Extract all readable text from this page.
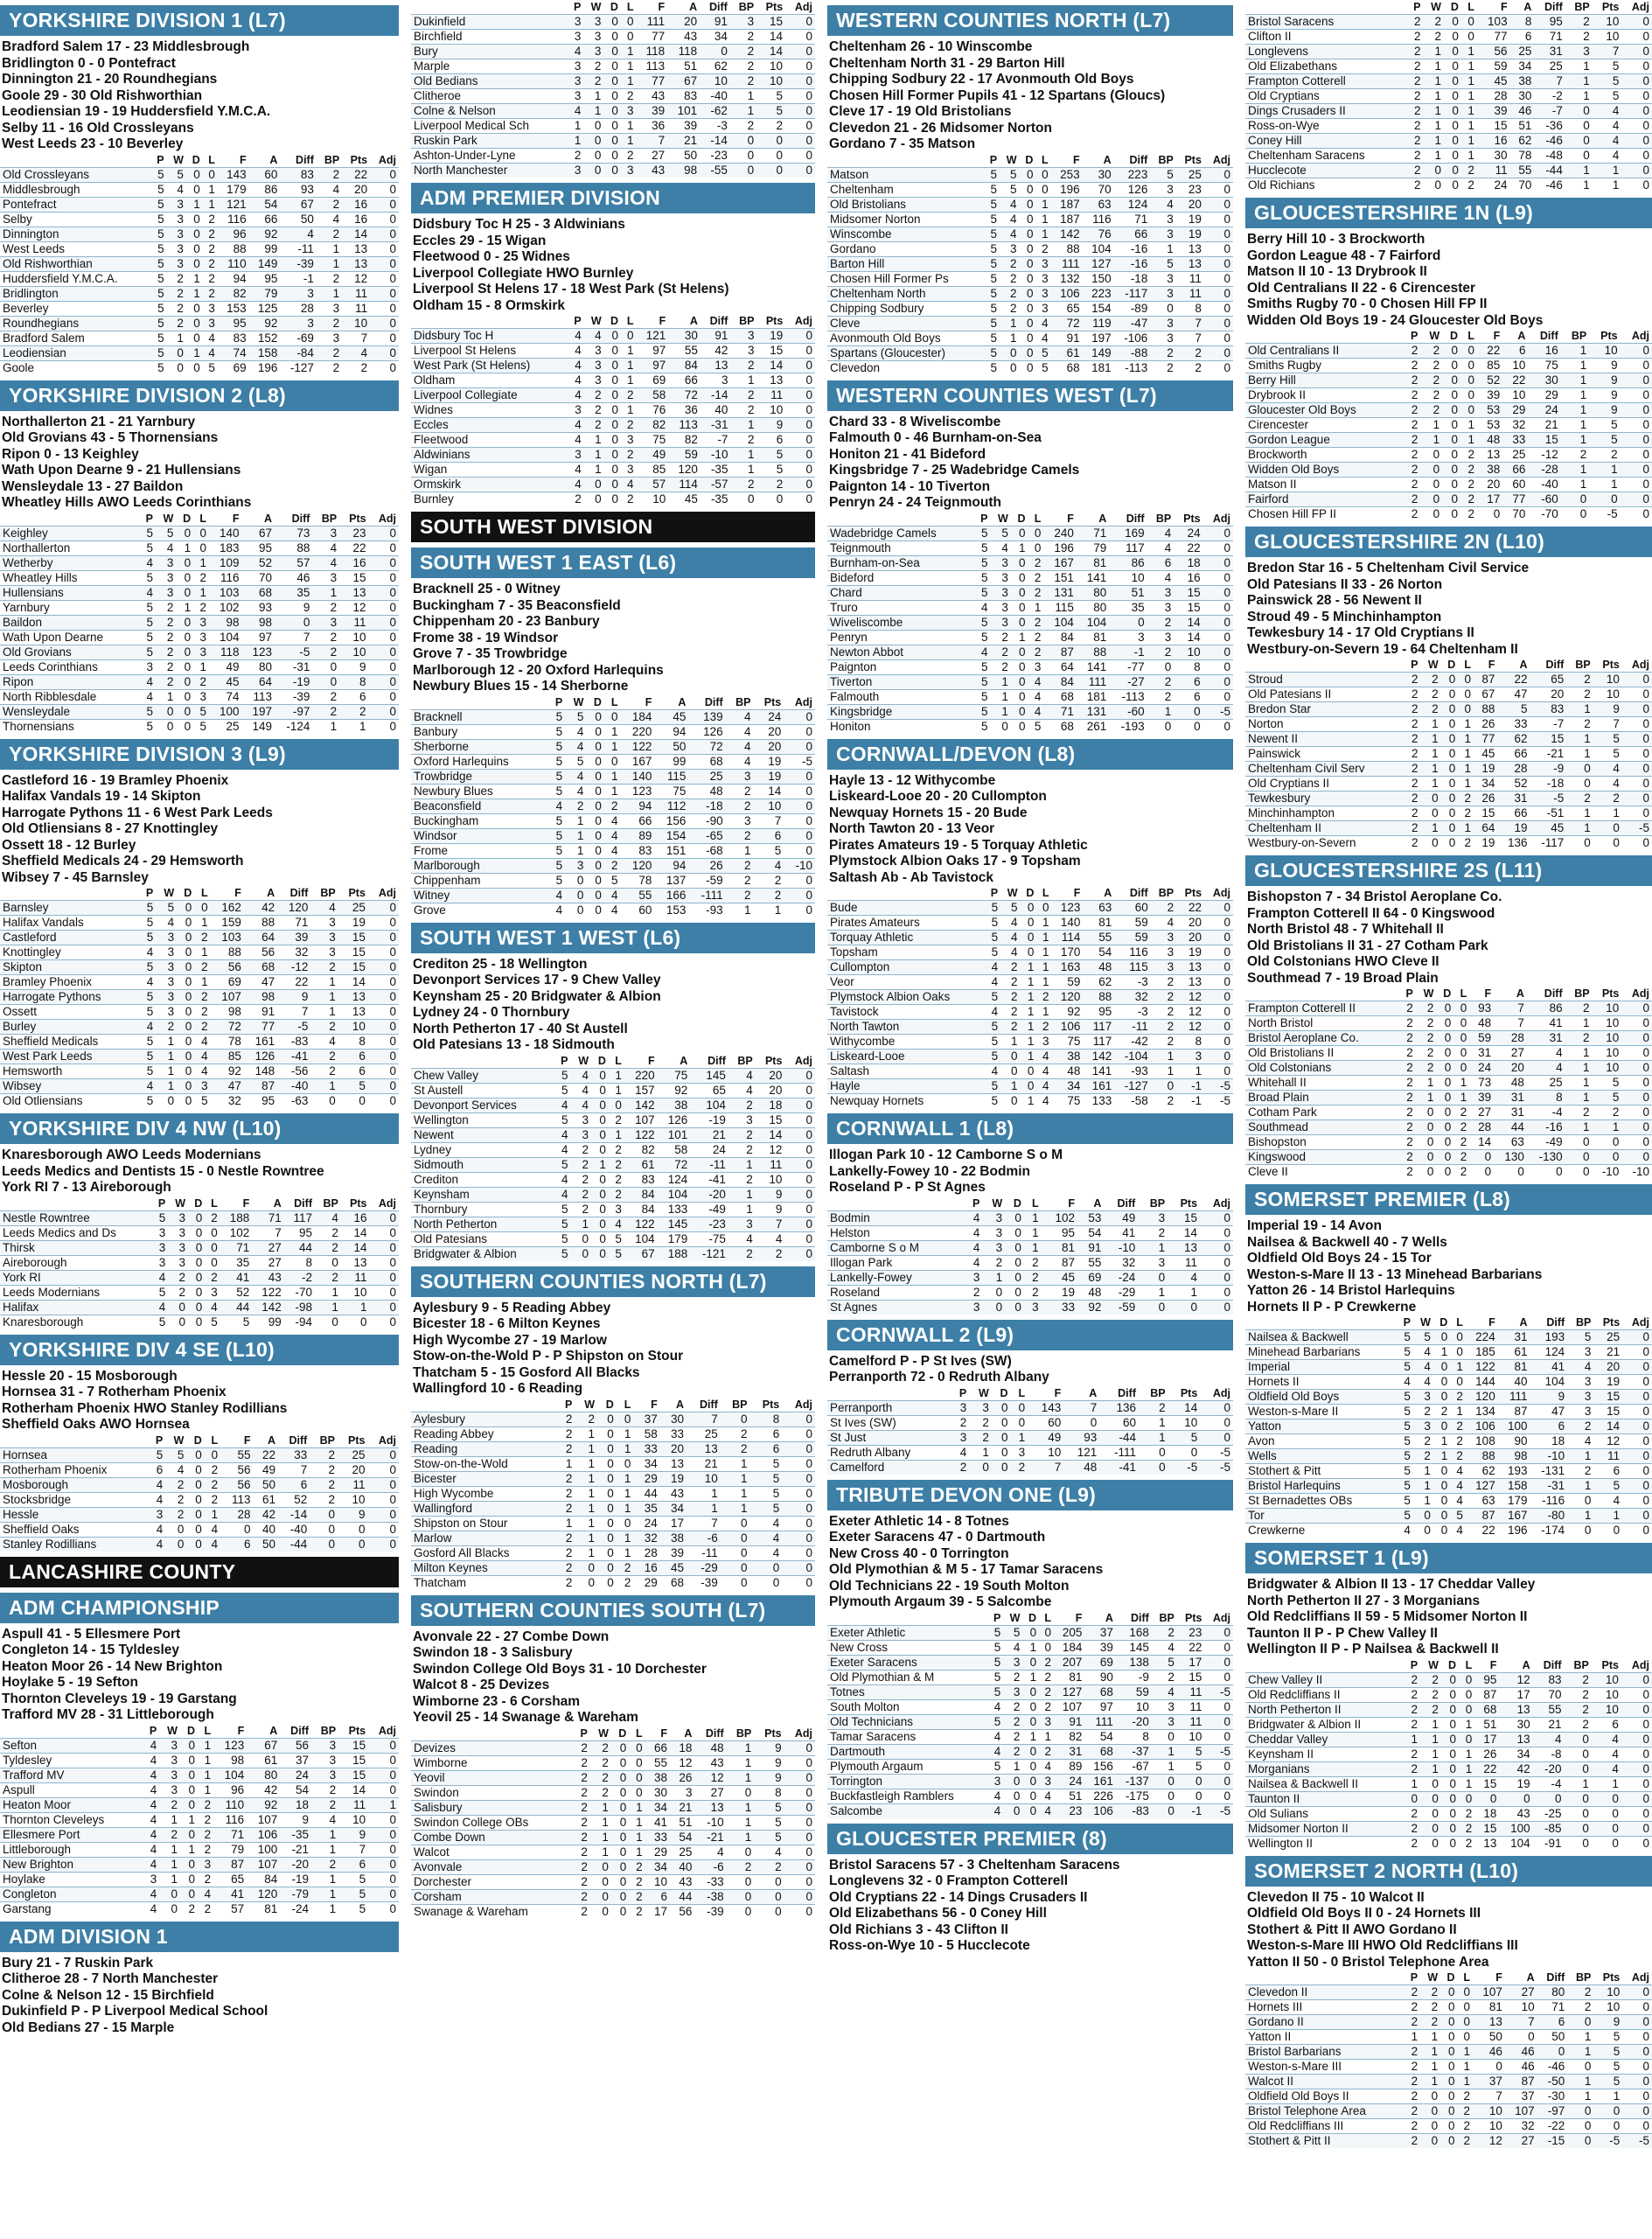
YORKSHIRE DIVISION 1 (L7)
Bradford Salem 17 - 23 Middlesbrough
Bridlington 0 - 0 Pontefract
Dinnington 21 - 20 Roundhegians
Goole 29 - 30 Old Rishworthian
Leodiensian 19 - 19 Huddersfield Y.M.C.A.
Selby 11 - 16 Old Crossleyans
West Leeds 23 - 10 Beverley
	P	W	D	L	F	A	Diff	BP	Pts	Adj
Old Crossleyans	5	5	0	0	143	60	83	2	22	0
Middlesbrough	5	4	0	1	179	86	93	4	20	0
Pontefract	5	3	1	1	121	54	67	2	16	0
Selby	5	3	0	2	116	66	50	4	16	0
Dinnington	5	3	0	2	96	92	4	2	14	0
West Leeds	5	3	0	2	88	99	-11	1	13	0
Old Rishworthian	5	3	0	2	110	149	-39	1	13	0
Huddersfield Y.M.C.A.	5	2	1	2	94	95	-1	2	12	0
Bridlington	5	2	1	2	82	79	3	1	11	0
Beverley	5	2	0	3	153	125	28	3	11	0
Roundhegians	5	2	0	3	95	92	3	2	10	0
Bradford Salem	5	1	0	4	83	152	-69	3	7	0
Leodiensian	5	0	1	4	74	158	-84	2	4	0
Goole	5	0	0	5	69	196	-127	2	2	0
YORKSHIRE DIVISION 2 (L8)
Northallerton 21 - 21 Yarnbury
Old Grovians 43 - 5 Thornensians
Ripon 0 - 13 Keighley
Wath Upon Dearne 9 - 21 Hullensians
Wensleydale 13 - 27 Baildon
Wheatley Hills AWO Leeds Corinthians
	P	W	D	L	F	A	Diff	BP	Pts	Adj
Keighley	5	5	0	0	140	67	73	3	23	0
Northallerton	5	4	1	0	183	95	88	4	22	0
Wetherby	4	3	0	1	109	52	57	4	16	0
Wheatley Hills	5	3	0	2	116	70	46	3	15	0
Hullensians	4	3	0	1	103	68	35	1	13	0
Yarnbury	5	2	1	2	102	93	9	2	12	0
Baildon	5	2	0	3	98	98	0	3	11	0
Wath Upon Dearne	5	2	0	3	104	97	7	2	10	0
Old Grovians	5	2	0	3	118	123	-5	2	10	0
Leeds Corinthians	3	2	0	1	49	80	-31	0	9	0
Ripon	4	2	0	2	45	64	-19	0	8	0
North Ribblesdale	4	1	0	3	74	113	-39	2	6	0
Wensleydale	5	0	0	5	100	197	-97	2	2	0
Thornensians	5	0	0	5	25	149	-124	1	1	0
YORKSHIRE DIVISION 3 (L9)
Castleford 16 - 19 Bramley Phoenix
Halifax Vandals 19 - 14 Skipton
Harrogate Pythons 11 - 6 West Park Leeds
Old Otliensians 8 - 27 Knottingley
Ossett 18 - 12 Burley
Sheffield Medicals 24 - 29 Hemsworth
Wibsey 7 - 45 Barnsley
	P	W	D	L	F	A	Diff	BP	Pts	Adj
Barnsley	5	5	0	0	162	42	120	4	25	0
Halifax Vandals	5	4	0	1	159	88	71	3	19	0
Castleford	5	3	0	2	103	64	39	3	15	0
Knottingley	4	3	0	1	88	56	32	3	15	0
Skipton	5	3	0	2	56	68	-12	2	15	0
Bramley Phoenix	4	3	0	1	69	47	22	1	14	0
Harrogate Pythons	5	3	0	2	107	98	9	1	13	0
Ossett	5	3	0	2	98	91	7	1	13	0
Burley	4	2	0	2	72	77	-5	2	10	0
Sheffield Medicals	5	1	0	4	78	161	-83	4	8	0
West Park Leeds	5	1	0	4	85	126	-41	2	6	0
Hemsworth	5	1	0	4	92	148	-56	2	6	0
Wibsey	4	1	0	3	47	87	-40	1	5	0
Old Otliensians	5	0	0	5	32	95	-63	0	0	0
YORKSHIRE DIV 4 NW (L10)
Knaresborough AWO Leeds Modernians
Leeds Medics and Dentists 15 - 0 Nestle Rowntree
York RI 7 - 13 Aireborough
	P	W	D	L	F	A	Diff	BP	Pts	Adj
Nestle Rowntree	5	3	0	2	188	71	117	4	16	0
Leeds Medics and Ds	3	3	0	0	102	7	95	2	14	0
Thirsk	3	3	0	0	71	27	44	2	14	0
Aireborough	3	3	0	0	35	27	8	0	13	0
York RI	4	2	0	2	41	43	-2	2	11	0
Leeds Modernians	5	2	0	3	52	122	-70	1	10	0
Halifax	4	0	0	4	44	142	-98	1	1	0
Knaresborough	5	0	0	5	5	99	-94	0	0	0
YORKSHIRE DIV 4 SE (L10)
Hessle 20 - 15 Mosborough
Hornsea 31 - 7 Rotherham Phoenix
Rotherham Phoenix HWO Stanley Rodillians
Sheffield Oaks AWO Hornsea
	P	W	D	L	F	A	Diff	BP	Pts	Adj
Hornsea	5	5	0	0	55	22	33	2	25	0
Rotherham Phoenix	6	4	0	2	56	49	7	2	20	0
Mosborough	4	2	0	2	56	50	6	2	11	0
Stocksbridge	4	2	0	2	113	61	52	2	10	0
Hessle	3	2	0	1	28	42	-14	0	9	0
Sheffield Oaks	4	0	0	4	0	40	-40	0	0	0
Stanley Rodillians	4	0	0	4	6	50	-44	0	0	0
LANCASHIRE COUNTY
ADM CHAMPIONSHIP
Aspull 41 - 5 Ellesmere Port
Congleton 14 - 15 Tyldesley
Heaton Moor 26 - 14 New Brighton
Hoylake 5 - 19 Sefton
Thornton Cleveleys 19 - 19 Garstang
Trafford MV 28 - 31 Littleborough
	P	W	D	L	F	A	Diff	BP	Pts	Adj
Sefton	4	3	0	1	123	67	56	3	15	0
Tyldesley	4	3	0	1	98	61	37	3	15	0
Trafford MV	4	3	0	1	104	80	24	3	15	0
Aspull	4	3	0	1	96	42	54	2	14	0
Heaton Moor	4	2	0	2	110	92	18	2	11	1
Thornton Cleveleys	4	1	1	2	116	107	9	4	10	0
Ellesmere Port	4	2	0	2	71	106	-35	1	9	0
Littleborough	4	1	1	2	79	100	-21	1	7	0
New Brighton	4	1	0	3	87	107	-20	2	6	0
Hoylake	3	1	0	2	65	84	-19	1	5	0
Congleton	4	0	0	4	41	120	-79	1	5	0
Garstang	4	0	2	2	57	81	-24	1	5	0
ADM DIVISION 1
Bury 21 - 7 Ruskin Park
Clitheroe 28 - 7 North Manchester
Colne & Nelson 12 - 15 Birchfield
Dukinfield P - P Liverpool Medical School
Old Bedians 27 - 15 Marple
	P	W	D	L	F	A	Diff	BP	Pts	Adj
Dukinfield	3	3	0	0	111	20	91	3	15	0
Birchfield	3	3	0	0	77	43	34	2	14	0
Bury	4	3	0	1	118	118	0	2	14	0
Marple	3	2	0	1	113	51	62	2	10	0
Old Bedians	3	2	0	1	77	67	10	2	10	0
Clitheroe	3	1	0	2	43	83	-40	1	5	0
Colne & Nelson	4	1	0	3	39	101	-62	1	5	0
Liverpool Medical Sch	1	0	0	1	36	39	-3	2	2	0
Ruskin Park	1	0	0	1	7	21	-14	0	0	0
Ashton-Under-Lyne	2	0	0	2	27	50	-23	0	0	0
North Manchester	3	0	0	3	43	98	-55	0	0	0
ADM PREMIER DIVISION
Didsbury Toc H 25 - 3 Aldwinians
Eccles 29 - 15 Wigan
Fleetwood 0 - 25 Widnes
Liverpool Collegiate HWO Burnley
Liverpool St Helens 17 - 18 West Park (St Helens)
Oldham 15 - 8 Ormskirk
	P	W	D	L	F	A	Diff	BP	Pts	Adj
Didsbury Toc H	4	4	0	0	121	30	91	3	19	0
Liverpool St Helens	4	3	0	1	97	55	42	3	15	0
West Park (St Helens)	4	3	0	1	97	84	13	2	14	0
Oldham	4	3	0	1	69	66	3	1	13	0
Liverpool Collegiate	4	2	0	2	58	72	-14	2	11	0
Widnes	3	2	0	1	76	36	40	2	10	0
Eccles	4	2	0	2	82	113	-31	1	9	0
Fleetwood	4	1	0	3	75	82	-7	2	6	0
Aldwinians	3	1	0	2	49	59	-10	1	5	0
Wigan	4	1	0	3	85	120	-35	1	5	0
Ormskirk	4	0	0	4	57	114	-57	2	2	0
Burnley	2	0	0	2	10	45	-35	0	0	0
SOUTH WEST DIVISION
SOUTH WEST 1 EAST (L6)
Bracknell 25 - 0 Witney
Buckingham 7 - 35 Beaconsfield
Chippenham 20 - 23 Banbury
Frome 38 - 19 Windsor
Grove 7 - 35 Trowbridge
Marlborough 12 - 20 Oxford Harlequins
Newbury Blues 15 - 14 Sherborne
	P	W	D	L	F	A	Diff	BP	Pts	Adj
Bracknell	5	5	0	0	184	45	139	4	24	0
Banbury	5	4	0	1	220	94	126	4	20	0
Sherborne	5	4	0	1	122	50	72	4	20	0
Oxford Harlequins	5	5	0	0	167	99	68	4	19	-5
Trowbridge	5	4	0	1	140	115	25	3	19	0
Newbury Blues	5	4	0	1	123	75	48	2	14	0
Beaconsfield	4	2	0	2	94	112	-18	2	10	0
Buckingham	5	1	0	4	66	156	-90	3	7	0
Windsor	5	1	0	4	89	154	-65	2	6	0
Frome	5	1	0	4	83	151	-68	1	5	0
Marlborough	5	3	0	2	120	94	26	2	4	-10
Chippenham	5	0	0	5	78	137	-59	2	2	0
Witney	4	0	0	4	55	166	-111	2	2	0
Grove	4	0	0	4	60	153	-93	1	1	0
SOUTH WEST 1 WEST (L6)
Crediton 25 - 18 Wellington
Devonport Services 17 - 9 Chew Valley
Keynsham 25 - 20 Bridgwater & Albion
Lydney 24 - 0 Thornbury
North Petherton 17 - 40 St Austell
Old Patesians 13 - 18 Sidmouth
	P	W	D	L	F	A	Diff	BP	Pts	Adj
Chew Valley	5	4	0	1	220	75	145	4	20	0
St Austell	5	4	0	1	157	92	65	4	20	0
Devonport Services	4	4	0	0	142	38	104	2	18	0
Wellington	5	3	0	2	107	126	-19	3	15	0
Newent	4	3	0	1	122	101	21	2	14	0
Lydney	4	2	0	2	82	58	24	2	12	0
Sidmouth	5	2	1	2	61	72	-11	1	11	0
Crediton	4	2	0	2	83	124	-41	2	10	0
Keynsham	4	2	0	2	84	104	-20	1	9	0
Thornbury	5	2	0	3	84	133	-49	1	9	0
North Petherton	5	1	0	4	122	145	-23	3	7	0
Old Patesians	5	0	0	5	104	179	-75	4	4	0
Bridgwater & Albion	5	0	0	5	67	188	-121	2	2	0
SOUTHERN COUNTIES NORTH (L7)
Aylesbury 9 - 5 Reading Abbey
Bicester 18 - 6 Milton Keynes
High Wycombe 27 - 19 Marlow
Stow-on-the-Wold P - P Shipston on Stour
Thatcham 5 - 15 Gosford All Blacks
Wallingford 10 - 6 Reading
	P	W	D	L	F	A	Diff	BP	Pts	Adj
Aylesbury	2	2	0	0	37	30	7	0	8	0
Reading Abbey	2	1	0	1	58	33	25	2	6	0
Reading	2	1	0	1	33	20	13	2	6	0
Stow-on-the-Wold	1	1	0	0	34	13	21	1	5	0
Bicester	2	1	0	1	29	19	10	1	5	0
High Wycombe	2	1	0	1	44	43	1	1	5	0
Wallingford	2	1	0	1	35	34	1	1	5	0
Shipston on Stour	1	1	0	0	24	17	7	0	4	0
Marlow	2	1	0	1	32	38	-6	0	4	0
Gosford All Blacks	2	1	0	1	28	39	-11	0	4	0
Milton Keynes	2	0	0	2	16	45	-29	0	0	0
Thatcham	2	0	0	2	29	68	-39	0	0	0
SOUTHERN COUNTIES SOUTH (L7)
Avonvale 22 - 27 Combe Down
Swindon 18 - 3 Salisbury
Swindon College Old Boys 31 - 10 Dorchester
Walcot 8 - 25 Devizes
Wimborne 23 - 6 Corsham
Yeovil 25 - 14 Swanage & Wareham
	P	W	D	L	F	A	Diff	BP	Pts	Adj
Devizes	2	2	0	0	66	18	48	1	9	0
Wimborne	2	2	0	0	55	12	43	1	9	0
Yeovil	2	2	0	0	38	26	12	1	9	0
Swindon	2	2	0	0	30	3	27	0	8	0
Salisbury	2	1	0	1	34	21	13	1	5	0
Swindon College OBs	2	1	0	1	41	51	-10	1	5	0
Combe Down	2	1	0	1	33	54	-21	1	5	0
Walcot	2	1	0	1	29	25	4	0	4	0
Avonvale	2	0	0	2	34	40	-6	2	2	0
Dorchester	2	0	0	2	10	43	-33	0	0	0
Corsham	2	0	0	2	6	44	-38	0	0	0
Swanage & Wareham	2	0	0	2	17	56	-39	0	0	0
WESTERN COUNTIES NORTH (L7)
Cheltenham 26 - 10 Winscombe
Cheltenham North 31 - 29 Barton Hill
Chipping Sodbury 22 - 17 Avonmouth Old Boys
Chosen Hill Former Pupils 41 - 12 Spartans (Gloucs)
Cleve 17 - 19 Old Bristolians
Clevedon 21 - 26 Midsomer Norton
Gordano 7 - 35 Matson
	P	W	D	L	F	A	Diff	BP	Pts	Adj
Matson	5	5	0	0	253	30	223	5	25	0
Cheltenham	5	5	0	0	196	70	126	3	23	0
Old Bristolians	5	4	0	1	187	63	124	4	20	0
Midsomer Norton	5	4	0	1	187	116	71	3	19	0
Winscombe	5	4	0	1	142	76	66	3	19	0
Gordano	5	3	0	2	88	104	-16	1	13	0
Barton Hill	5	2	0	3	111	127	-16	5	13	0
Chosen Hill Former Ps	5	2	0	3	132	150	-18	3	11	0
Cheltenham North	5	2	0	3	106	223	-117	3	11	0
Chipping Sodbury	5	2	0	3	65	154	-89	0	8	0
Cleve	5	1	0	4	72	119	-47	3	7	0
Avonmouth Old Boys	5	1	0	4	91	197	-106	3	7	0
Spartans (Gloucester)	5	0	0	5	61	149	-88	2	2	0
Clevedon	5	0	0	5	68	181	-113	2	2	0
WESTERN COUNTIES WEST (L7)
Chard 33 - 8 Wiveliscombe
Falmouth 0 - 46 Burnham-on-Sea
Honiton 21 - 41 Bideford
Kingsbridge 7 - 25 Wadebridge Camels
Paignton 14 - 10 Tiverton
Penryn 24 - 24 Teignmouth
	P	W	D	L	F	A	Diff	BP	Pts	Adj
Wadebridge Camels	5	5	0	0	240	71	169	4	24	0
Teignmouth	5	4	1	0	196	79	117	4	22	0
Burnham-on-Sea	5	3	0	2	167	81	86	6	18	0
Bideford	5	3	0	2	151	141	10	4	16	0
Chard	5	3	0	2	131	80	51	3	15	0
Truro	4	3	0	1	115	80	35	3	15	0
Wiveliscombe	5	3	0	2	104	104	0	2	14	0
Penryn	5	2	1	2	84	81	3	3	14	0
Newton Abbot	4	2	0	2	87	88	-1	2	10	0
Paignton	5	2	0	3	64	141	-77	0	8	0
Tiverton	5	1	0	4	84	111	-27	2	6	0
Falmouth	5	1	0	4	68	181	-113	2	6	0
Kingsbridge	5	1	0	4	71	131	-60	1	0	-5
Honiton	5	0	0	5	68	261	-193	0	0	0
CORNWALL/DEVON (L8)
Hayle 13 - 12 Withycombe
Liskeard-Looe 20 - 20 Cullompton
Newquay Hornets 15 - 20 Bude
North Tawton 20 - 13 Veor
Pirates Amateurs 19 - 5 Torquay Athletic
Plymstock Albion Oaks 17 - 9 Topsham
Saltash Ab - Ab Tavistock
	P	W	D	L	F	A	Diff	BP	Pts	Adj
Bude	5	5	0	0	123	63	60	2	22	0
Pirates Amateurs	5	4	0	1	140	81	59	4	20	0
Torquay Athletic	5	4	0	1	114	55	59	3	20	0
Topsham	5	4	0	1	170	54	116	3	19	0
Cullompton	4	2	1	1	163	48	115	3	13	0
Veor	4	2	1	1	59	62	-3	2	13	0
Plymstock Albion Oaks	5	2	1	2	120	88	32	2	12	0
Tavistock	4	2	1	1	92	95	-3	2	12	0
North Tawton	5	2	1	2	106	117	-11	2	12	0
Withycombe	5	1	1	3	75	117	-42	2	8	0
Liskeard-Looe	5	0	1	4	38	142	-104	1	3	0
Saltash	4	0	0	4	48	141	-93	1	1	0
Hayle	5	1	0	4	34	161	-127	0	-1	-5
Newquay Hornets	5	0	1	4	75	133	-58	2	-1	-5
CORNWALL 1 (L8)
Illogan Park 10 - 12 Camborne S o M
Lankelly-Fowey 10 - 22 Bodmin
Roseland P - P St Agnes
	P	W	D	L	F	A	Diff	BP	Pts	Adj
Bodmin	4	3	0	1	102	53	49	3	15	0
Helston	4	3	0	1	95	54	41	2	14	0
Camborne S o M	4	3	0	1	81	91	-10	1	13	0
Illogan Park	4	2	0	2	87	55	32	3	11	0
Lankelly-Fowey	3	1	0	2	45	69	-24	0	4	0
Roseland	2	0	0	2	19	48	-29	1	1	0
St Agnes	3	0	0	3	33	92	-59	0	0	0
CORNWALL 2 (L9)
Camelford P - P St Ives (SW)
Perranporth 72 - 0 Redruth Albany
	P	W	D	L	F	A	Diff	BP	Pts	Adj
Perranporth	3	3	0	0	143	7	136	2	14	0
St Ives (SW)	2	2	0	0	60	0	60	1	10	0
St Just	3	2	0	1	49	93	-44	1	5	0
Redruth Albany	4	1	0	3	10	121	-111	0	0	-5
Camelford	2	0	0	2	7	48	-41	0	-5	-5
TRIBUTE DEVON ONE (L9)
Exeter Athletic 14 - 8 Totnes
Exeter Saracens 47 - 0 Dartmouth
New Cross 40 - 0 Torrington
Old Plymothian & M 5 - 17 Tamar Saracens
Old Technicians 22 - 19 South Molton
Plymouth Argaum 39 - 5 Salcombe
	P	W	D	L	F	A	Diff	BP	Pts	Adj
Exeter Athletic	5	5	0	0	205	37	168	2	23	0
New Cross	5	4	1	0	184	39	145	4	22	0
Exeter Saracens	5	3	0	2	207	69	138	5	17	0
Old Plymothian & M	5	2	1	2	81	90	-9	2	15	0
Totnes	5	3	0	2	127	68	59	4	11	-5
South Molton	4	2	0	2	107	97	10	3	11	0
Old Technicians	5	2	0	3	91	111	-20	3	11	0
Tamar Saracens	4	2	1	1	82	54	8	0	10	0
Dartmouth	4	2	0	2	31	68	-37	1	5	-5
Plymouth Argaum	5	1	0	4	89	156	-67	1	5	0
Torrington	3	0	0	3	24	161	-137	0	0	0
Buckfastleigh Ramblers	4	0	0	4	51	226	-175	0	0	0
Salcombe	4	0	0	4	23	106	-83	0	-1	-5
GLOUCESTER PREMIER (8)
Bristol Saracens 57 - 3 Cheltenham Saracens
Longlevens 32 - 0 Frampton Cotterell
Old Cryptians 22 - 14 Dings Crusaders II
Old Elizabethans 56 - 0 Coney Hill
Old Richians 3 - 43 Clifton II
Ross-on-Wye 10 - 5 Hucclecote
	P	W	D	L	F	A	Diff	BP	Pts	Adj
Bristol Saracens	2	2	0	0	103	8	95	2	10	0
Clifton II	2	2	0	0	77	6	71	2	10	0
Longlevens	2	1	0	1	56	25	31	3	7	0
Old Elizabethans	2	1	0	1	59	34	25	1	5	0
Frampton Cotterell	2	1	0	1	45	38	7	1	5	0
Old Cryptians	2	1	0	1	28	30	-2	1	5	0
Dings Crusaders II	2	1	0	1	39	46	-7	0	4	0
Ross-on-Wye	2	1	0	1	15	51	-36	0	4	0
Coney Hill	2	1	0	1	16	62	-46	0	4	0
Cheltenham Saracens	2	1	0	1	30	78	-48	0	4	0
Hucclecote	2	0	0	2	11	55	-44	1	1	0
Old Richians	2	0	0	2	24	70	-46	1	1	0
GLOUCESTERSHIRE 1N (L9)
Berry Hill 10 - 3 Brockworth
Gordon League 48 - 7 Fairford
Matson II 10 - 13 Drybrook II
Old Centralians II 22 - 6 Cirencester
Smiths Rugby 70 - 0 Chosen Hill FP II
Widden Old Boys 19 - 24 Gloucester Old Boys
	P	W	D	L	F	A	Diff	BP	Pts	Adj
Old Centralians II	2	2	0	0	22	6	16	1	10	0
Smiths Rugby	2	2	0	0	85	10	75	1	9	0
Berry Hill	2	2	0	0	52	22	30	1	9	0
Drybrook II	2	2	0	0	39	10	29	1	9	0
Gloucester Old Boys	2	2	0	0	53	29	24	1	9	0
Cirencester	2	1	0	1	53	32	21	1	5	0
Gordon League	2	1	0	1	48	33	15	1	5	0
Brockworth	2	0	0	2	13	25	-12	2	2	0
Widden Old Boys	2	0	0	2	38	66	-28	1	1	0
Matson II	2	0	0	2	20	60	-40	1	1	0
Fairford	2	0	0	2	17	77	-60	0	0	0
Chosen Hill FP II	2	0	0	2	0	70	-70	0	-5	0
GLOUCESTERSHIRE 2N (L10)
Bredon Star 16 - 5 Cheltenham Civil Service
Old Patesians II 33 - 26 Norton
Painswick 28 - 56 Newent II
Stroud 49 - 5 Minchinhampton
Tewkesbury 14 - 17 Old Cryptians II
Westbury-on-Severn 19 - 64 Cheltenham II
	P	W	D	L	F	A	Diff	BP	Pts	Adj
Stroud	2	2	0	0	87	22	65	2	10	0
Old Patesians II	2	2	0	0	67	47	20	2	10	0
Bredon Star	2	2	0	0	88	5	83	1	9	0
Norton	2	1	0	1	26	33	-7	2	7	0
Newent II	2	1	0	1	77	62	15	1	5	0
Painswick	2	1	0	1	45	66	-21	1	5	0
Cheltenham Civil Serv	2	1	0	1	19	28	-9	0	4	0
Old Cryptians II	2	1	0	1	34	52	-18	0	4	0
Tewkesbury	2	0	0	2	26	31	-5	2	2	0
Minchinhampton	2	0	0	2	15	66	-51	1	1	0
Cheltenham II	2	1	0	1	64	19	45	1	0	-5
Westbury-on-Severn	2	0	0	2	19	136	-117	0	0	0
GLOUCESTERSHIRE 2S (L11)
Bishopston 7 - 34 Bristol Aeroplane Co.
Frampton Cotterell II 64 - 0 Kingswood
North Bristol 48 - 7 Whitehall II
Old Bristolians II 31 - 27 Cotham Park
Old Colstonians HWO Cleve II
Southmead 7 - 19 Broad Plain
	P	W	D	L	F	A	Diff	BP	Pts	Adj
Frampton Cotterell II	2	2	0	0	93	7	86	2	10	0
North Bristol	2	2	0	0	48	7	41	1	10	0
Bristol Aeroplane Co.	2	2	0	0	59	28	31	2	10	0
Old Bristolians II	2	2	0	0	31	27	4	1	10	0
Old Colstonians	2	2	0	0	24	20	4	1	10	0
Whitehall II	2	1	0	1	73	48	25	1	5	0
Broad Plain	2	1	0	1	39	31	8	1	5	0
Cotham Park	2	0	0	2	27	31	-4	2	2	0
Southmead	2	0	0	2	28	44	-16	1	1	0
Bishopston	2	0	0	2	14	63	-49	0	0	0
Kingswood	2	0	0	2	0	130	-130	0	0	0
Cleve II	2	0	0	2	0	0	0	0	-10	-10
SOMERSET PREMIER (L8)
Imperial 19 - 14 Avon
Nailsea & Backwell 40 - 7 Wells
Oldfield Old Boys 24 - 15 Tor
Weston-s-Mare II 13 - 13 Minehead Barbarians
Yatton 26 - 14 Bristol Harlequins
Hornets II P - P Crewkerne
	P	W	D	L	F	A	Diff	BP	Pts	Adj
Nailsea & Backwell	5	5	0	0	224	31	193	5	25	0
Minehead Barbarians	5	4	1	0	185	61	124	3	21	0
Imperial	5	4	0	1	122	81	41	4	20	0
Hornets II	4	4	0	0	144	40	104	3	19	0
Oldfield Old Boys	5	3	0	2	120	111	9	3	15	0
Weston-s-Mare II	5	2	2	1	134	87	47	3	15	0
Yatton	5	3	0	2	106	100	6	2	14	0
Avon	5	2	1	2	108	90	18	4	12	0
Wells	5	2	1	2	88	98	-10	1	11	0
Stothert & Pitt	5	1	0	4	62	193	-131	2	6	0
Bristol Harlequins	5	1	0	4	127	158	-31	1	5	0
St Bernadettes OBs	5	1	0	4	63	179	-116	0	4	0
Tor	5	0	0	5	87	167	-80	1	1	0
Crewkerne	4	0	0	4	22	196	-174	0	0	0
SOMERSET 1 (L9)
Bridgwater & Albion II 13 - 17 Cheddar Valley
North Petherton II 27 - 3 Morganians
Old Redcliffians II 59 - 5 Midsomer Norton II
Taunton II P - P Chew Valley II
Wellington II P - P Nailsea & Backwell II
	P	W	D	L	F	A	Diff	BP	Pts	Adj
Chew Valley II	2	2	0	0	95	12	83	2	10	0
Old Redcliffians II	2	2	0	0	87	17	70	2	10	0
North Petherton II	2	2	0	0	68	13	55	2	10	0
Bridgwater & Albion II	2	1	0	1	51	30	21	2	6	0
Cheddar Valley	1	1	0	0	17	13	4	0	4	0
Keynsham II	2	1	0	1	26	34	-8	0	4	0
Morganians	2	1	0	1	22	42	-20	0	4	0
Nailsea & Backwell II	1	0	0	1	15	19	-4	1	1	0
Taunton II	0	0	0	0	0	0	0	0	0	0
Old Sulians	2	0	0	2	18	43	-25	0	0	0
Midsomer Norton II	2	0	0	2	15	100	-85	0	0	0
Wellington II	2	0	0	2	13	104	-91	0	0	0
SOMERSET 2 NORTH (L10)
Clevedon II 75 - 10 Walcot II
Oldfield Old Boys II 0 - 24 Hornets III
Stothert & Pitt II AWO Gordano II
Weston-s-Mare III HWO Old Redcliffians III
Yatton II 50 - 0 Bristol Telephone Area
	P	W	D	L	F	A	Diff	BP	Pts	Adj
Clevedon II	2	2	0	0	107	27	80	2	10	0
Hornets III	2	2	0	0	81	10	71	2	10	0
Gordano II	2	2	0	0	13	7	6	0	9	0
Yatton II	1	1	0	0	50	0	50	1	5	0
Bristol Barbarians	2	1	0	1	46	46	0	1	5	0
Weston-s-Mare III	2	1	0	1	0	46	-46	0	5	0
Walcot II	2	1	0	1	37	87	-50	1	5	0
Oldfield Old Boys II	2	0	0	2	7	37	-30	1	1	0
Bristol Telephone Area	2	0	0	2	10	107	-97	0	0	0
Old Redcliffians III	2	0	0	2	10	32	-22	0	0	0
Stothert & Pitt II	2	0	0	2	12	27	-15	0	-5	-5
